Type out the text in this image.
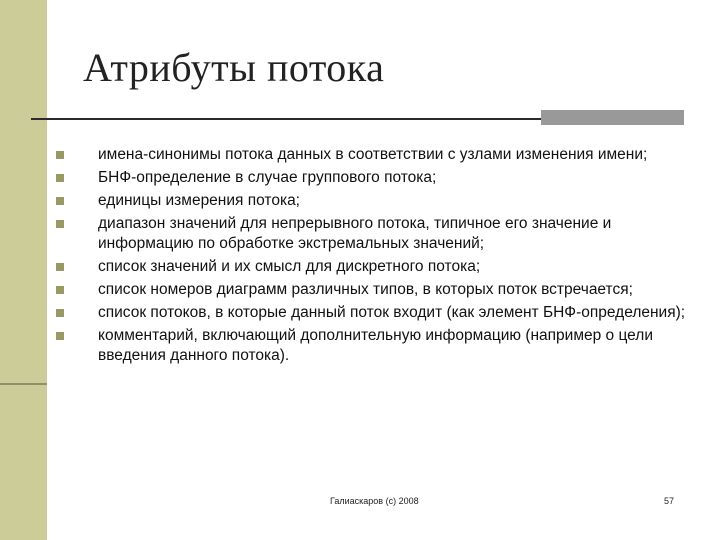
Атрибуты потока
имена-синонимы потока данных в соответствии с узлами изменения имени;
БНФ-определение в случае группового потока;
единицы измерения потока;
диапазон значений для непрерывного потока, типичное его значение и информацию по обработке экстремальных значений;
список значений и их смысл для дискретного потока;
список номеров диаграмм различных типов, в которых поток встречается;
список потоков, в которые данный поток входит (как элемент БНФ-определения);
комментарий, включающий дополнительную информацию (например о цели введения данного потока).
Галиаскаров (с) 2008	57
